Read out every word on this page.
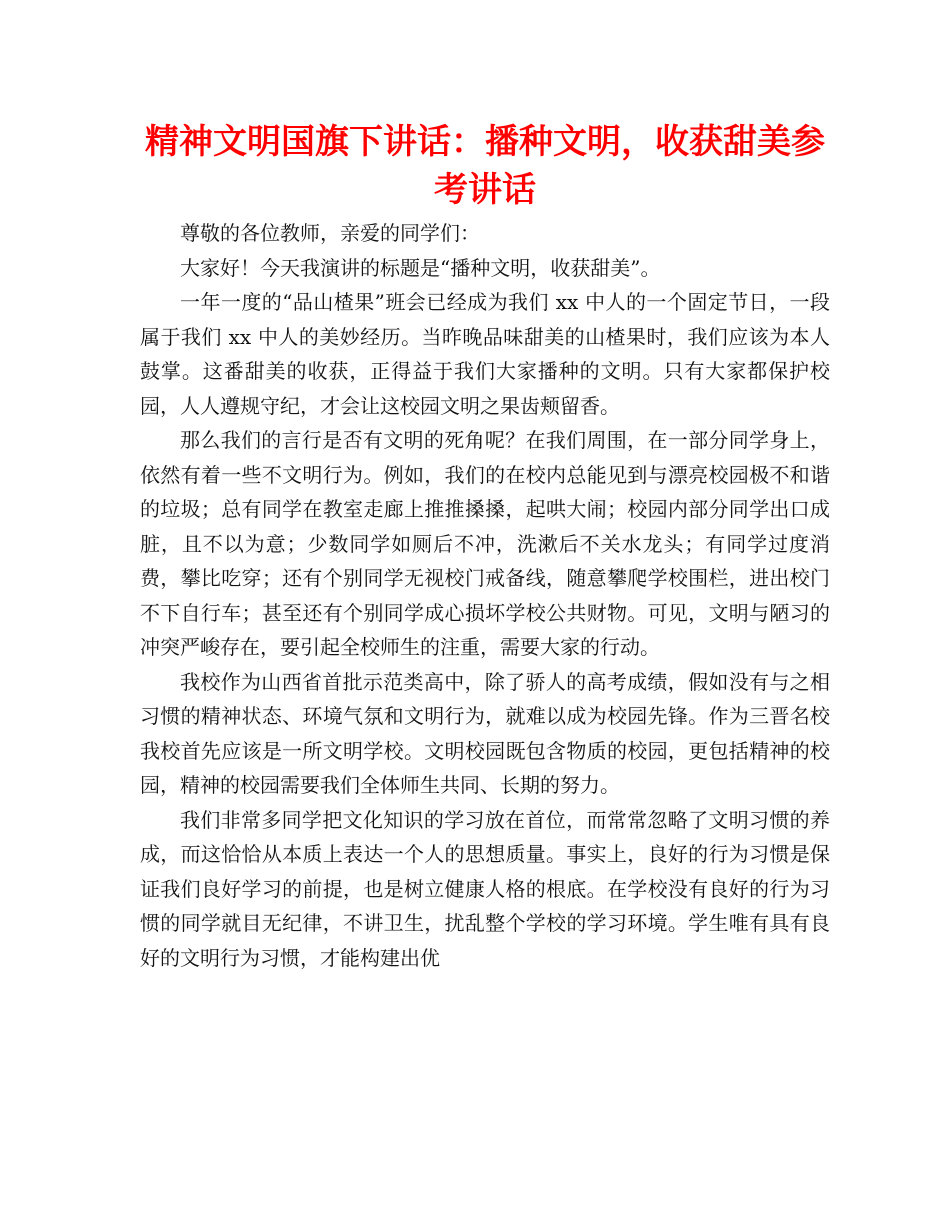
精神文明国旗下讲话：播种文明，收获甜美参考讲话

尊敬的各位教师，亲爱的同学们：

大家好！今天我演讲的标题是“播种文明，收获甜美”。

一年一度的“品山楂果”班会已经成为我们 xx 中人的一个固定节日，一段属于我们 xx 中人的美妙经历。当昨晚品味甜美的山楂果时，我们应该为本人鼓掌。这番甜美的收获，正得益于我们大家播种的文明。只有大家都保护校园，人人遵规守纪，才会让这校园文明之果齿颊留香。

那么我们的言行是否有文明的死角呢？在我们周围，在一部分同学身上，依然有着一些不文明行为。例如，我们的在校内总能见到与漂亮校园极不和谐的垃圾；总有同学在教室走廊上推推搡搡，起哄大闹；校园内部分同学出口成脏，且不以为意；少数同学如厕后不冲，洗漱后不关水龙头；有同学过度消费，攀比吃穿；还有个别同学无视校门戒备线，随意攀爬学校围栏，进出校门不下自行车；甚至还有个别同学成心损坏学校公共财物。可见，文明与陋习的冲突严峻存在，要引起全校师生的注重，需要大家的行动。

我校作为山西省首批示范类高中，除了骄人的高考成绩，假如没有与之相习惯的精神状态、环境气氛和文明行为，就难以成为校园先锋。作为三晋名校我校首先应该是一所文明学校。文明校园既包含物质的校园，更包括精神的校园，精神的校园需要我们全体师生共同、长期的努力。

我们非常多同学把文化知识的学习放在首位，而常常忽略了文明习惯的养成，而这恰恰从本质上表达一个人的思想质量。事实上，良好的行为习惯是保证我们良好学习的前提，也是树立健康人格的根底。在学校没有良好的行为习惯的同学就目无纪律，不讲卫生，扰乱整个学校的学习环境。学生唯有具有良好的文明行为习惯，才能构建出优
